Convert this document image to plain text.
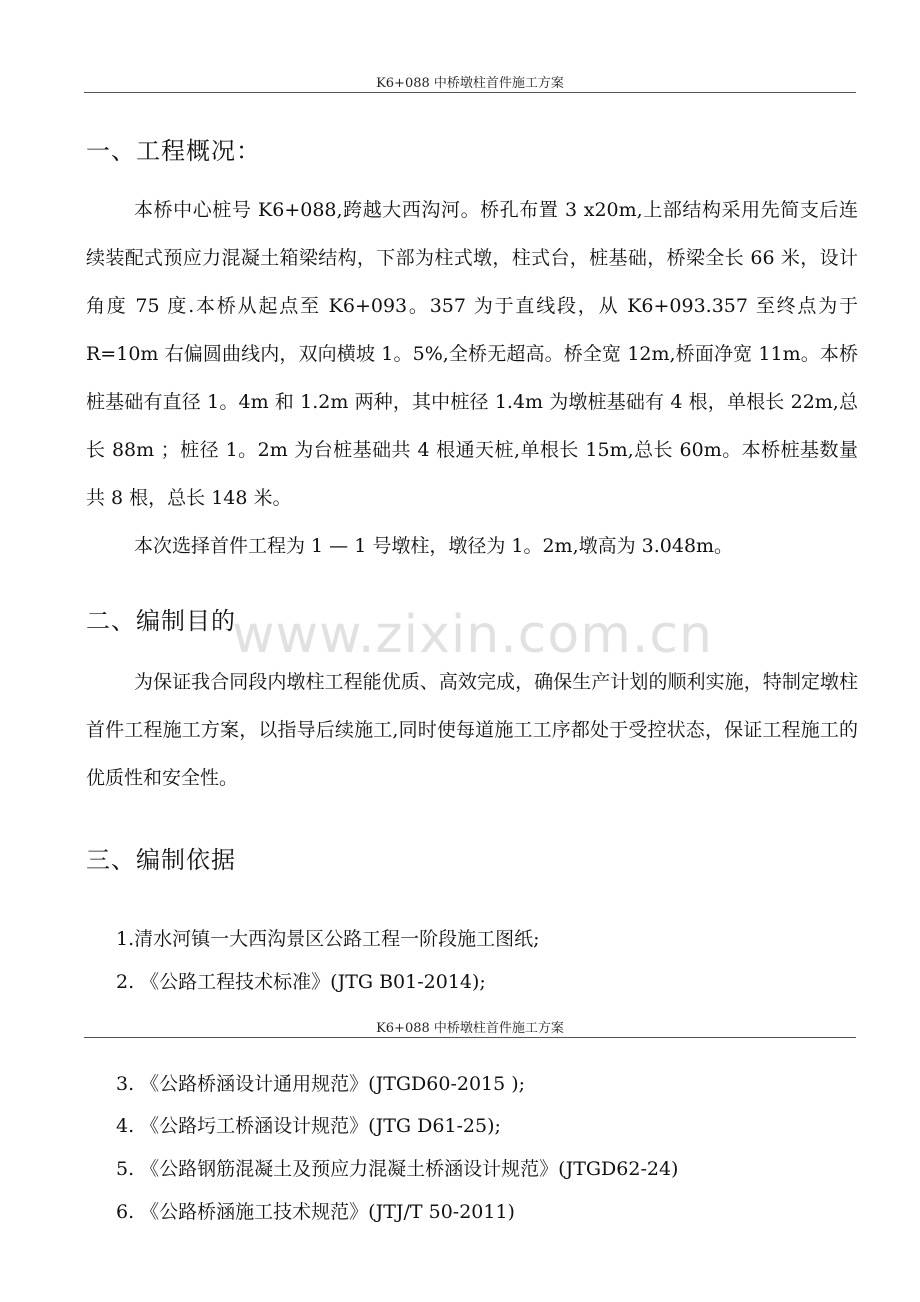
K6+088 中桥墩柱首件施工方案
一、工程概况：

本桥中心桩号 K6+088,跨越大西沟河。桥孔布置 3 x20m,上部结构采用先简支后连续装配式预应力混凝土箱梁结构，下部为柱式墩，柱式台，桩基础，桥梁全长 66 米，设计角度 75 度.本桥从起点至 K6+093。357 为于直线段，从 K6+093.357 至终点为于 R=10m 右偏圆曲线内，双向横坡 1。5%,全桥无超高。桥全宽 12m,桥面净宽 11m。本桥桩基础有直径 1。4m 和 1.2m 两种，其中桩径 1.4m 为墩桩基础有 4 根，单根长 22m,总长 88m ；桩径 1。2m 为台桩基础共 4 根通天桩,单根长 15m,总长 60m。本桥桩基数量共 8 根，总长 148 米。

本次选择首件工程为 1 — 1 号墩柱，墩径为 1。2m,墩高为 3.048m。

二、编制目的

为保证我合同段内墩柱工程能优质、高效完成，确保生产计划的顺利实施，特制定墩柱首件工程施工方案，以指导后续施工,同时使每道施工工序都处于受控状态，保证工程施工的优质性和安全性。

三、编制依据
1.清水河镇一大西沟景区公路工程一阶段施工图纸;
2. 《公路工程技术标准》(JTG B01-2014);
K6+088 中桥墩柱首件施工方案
3. 《公路桥涵设计通用规范》(JTGD60-2015 );
4. 《公路圬工桥涵设计规范》(JTG D61-25);
5. 《公路钢筋混凝土及预应力混凝土桥涵设计规范》(JTGD62-24)
6. 《公路桥涵施工技术规范》(JTJ/T 50-2011)
www.zixin.com.cn
